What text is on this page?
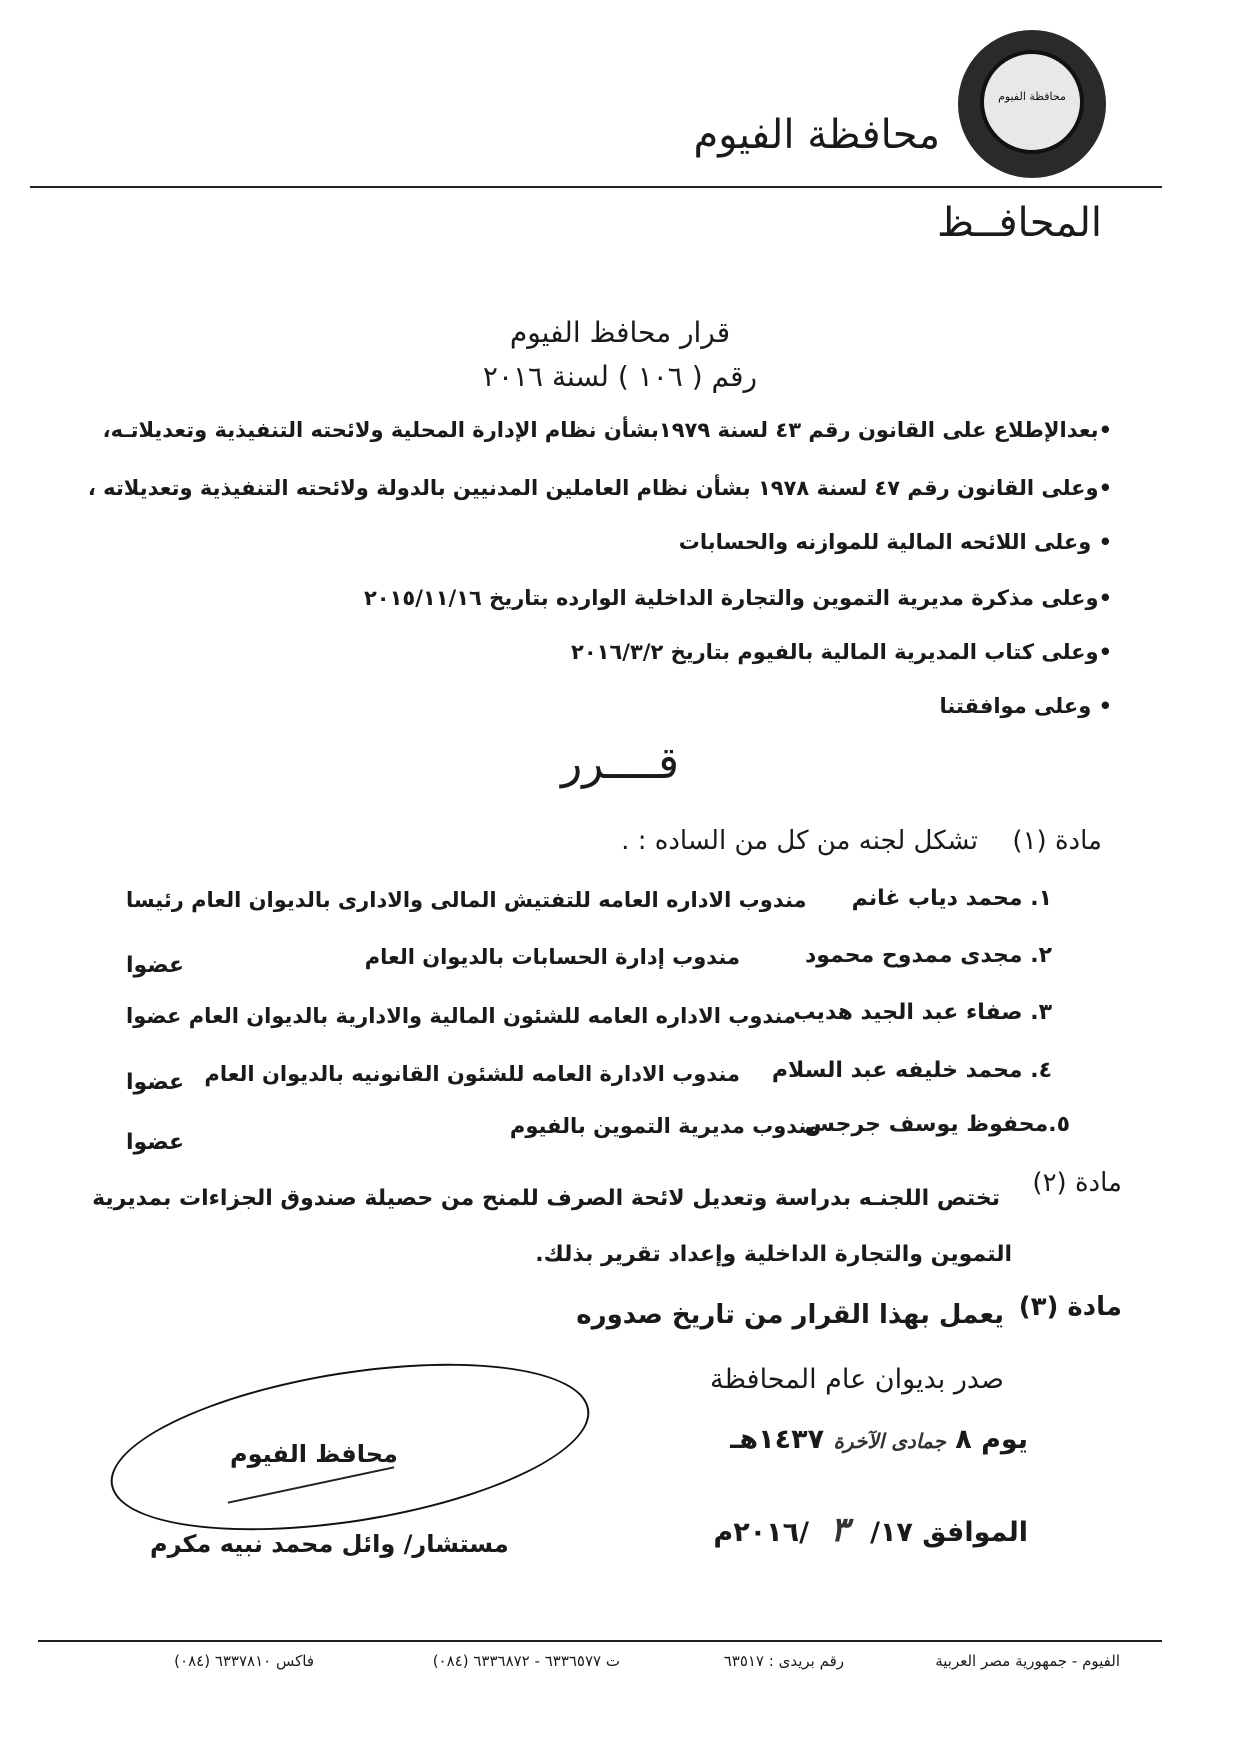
محافظة الفيوم
محافظة الفيوم
المحافــظ
قرار محافظ الفيوم
رقم ( ١٠٦ ) لسنة ٢٠١٦
•بعدالإطلاع على القانون رقم ٤٣ لسنة ١٩٧٩بشأن نظام الإدارة المحلية ولائحته التنفيذية وتعديلاتـه،
•وعلى القانون رقم ٤٧ لسنة ١٩٧٨ بشأن نظام العاملين المدنيين بالدولة ولائحته التنفيذية وتعديلاته ،
• وعلى اللائحه المالية للموازنه والحسابات
•وعلى مذكرة مديرية التموين والتجارة الداخلية الوارده بتاريخ ٢٠١٥/١١/١٦
•وعلى كتاب المديرية المالية بالفيوم بتاريخ ٢٠١٦/٣/٢
• وعلى موافقتنا
قــــرر
مادة (١)
تشكل لجنه من كل من الساده : .
١. محمد دياب غانم
مندوب الاداره العامه للتفتيش المالى والادارى بالديوان العام رئيسا
٢. مجدى ممدوح محمود
مندوب إدارة الحسابات بالديوان العام
عضوا
٣. صفاء عبد الجيد هديب
مندوب الاداره العامه للشئون المالية والادارية بالديوان العام عضوا
٤. محمد خليفه عبد السلام
مندوب الادارة العامه للشئون القانونيه بالديوان العام
عضوا
٥.محفوظ يوسف جرجس
مندوب مديرية التموين بالفيوم
عضوا
مادة (٢)
تختص اللجنـه بدراسة وتعديل لائحة الصرف للمنح من حصيلة صندوق الجزاءات بمديرية
التموين والتجارة الداخلية وإعداد تقرير بذلك.
مادة (٣)
يعمل بهذا القرار من تاريخ صدوره
صدر بديوان عام المحافظة
يوم ٨ جمادى الآخرة ١٤٣٧هـ
الموافق ١٧/ ٣ /٢٠١٦م
محافظ الفيوم
مستشار/ وائل محمد نبيه مكرم
الفيوم - جمهورية مصر العربية
رقم بريدى : ٦٣٥١٧
ت ٦٣٣٦٥٧٧ - ٦٣٣٦٨٧٢ (٠٨٤)
فاكس ٦٣٣٧٨١٠ (٠٨٤)
